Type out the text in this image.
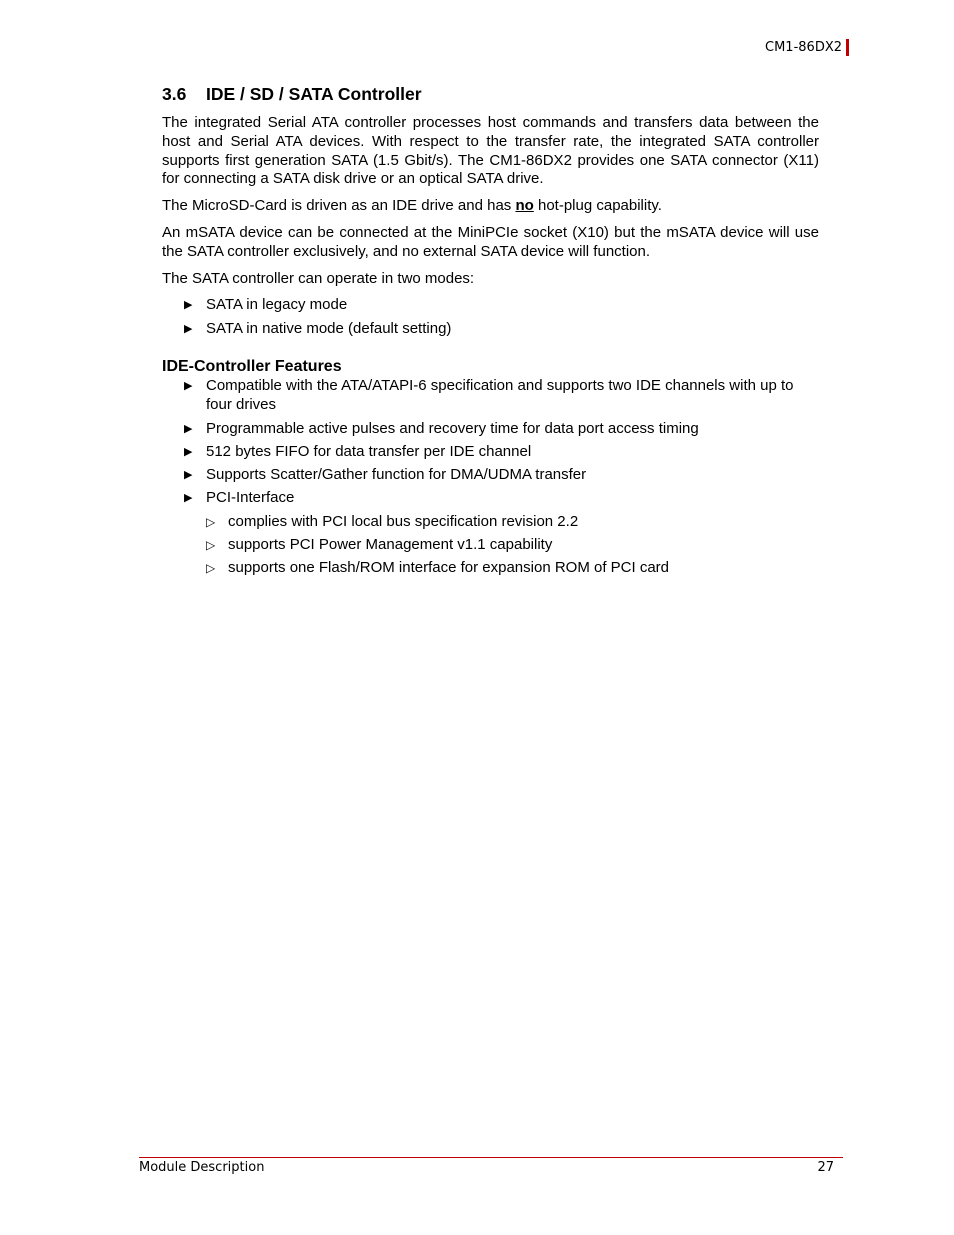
CM1-86DX2
3.6	IDE / SD / SATA Controller

The integrated Serial ATA controller processes host commands and transfers data between the host and Serial ATA devices. With respect to the transfer rate, the integrated SATA controller supports first generation SATA (1.5 Gbit/s). The CM1-86DX2 provides one SATA connector (X11) for connecting a SATA disk drive or an optical SATA drive.

The MicroSD-Card is driven as an IDE drive and has no hot-plug capability.

An mSATA device can be connected at the MiniPCIe socket (X10) but the mSATA device will use the SATA controller exclusively, and no external SATA device will function.

The SATA controller can operate in two modes:

▶ SATA in legacy mode
▶ SATA in native mode (default setting)
IDE-Controller Features
▶ Compatible with the ATA/ATAPI-6 specification and supports two IDE channels with up to four drives
▶ Programmable active pulses and recovery time for data port access timing
▶ 512 bytes FIFO for data transfer per IDE channel
▶ Supports Scatter/Gather function for DMA/UDMA transfer
▶ PCI-Interface
▷ complies with PCI local bus specification revision 2.2
▷ supports PCI Power Management v1.1 capability
▷ supports one Flash/ROM interface for expansion ROM of PCI card
Module Description	27
